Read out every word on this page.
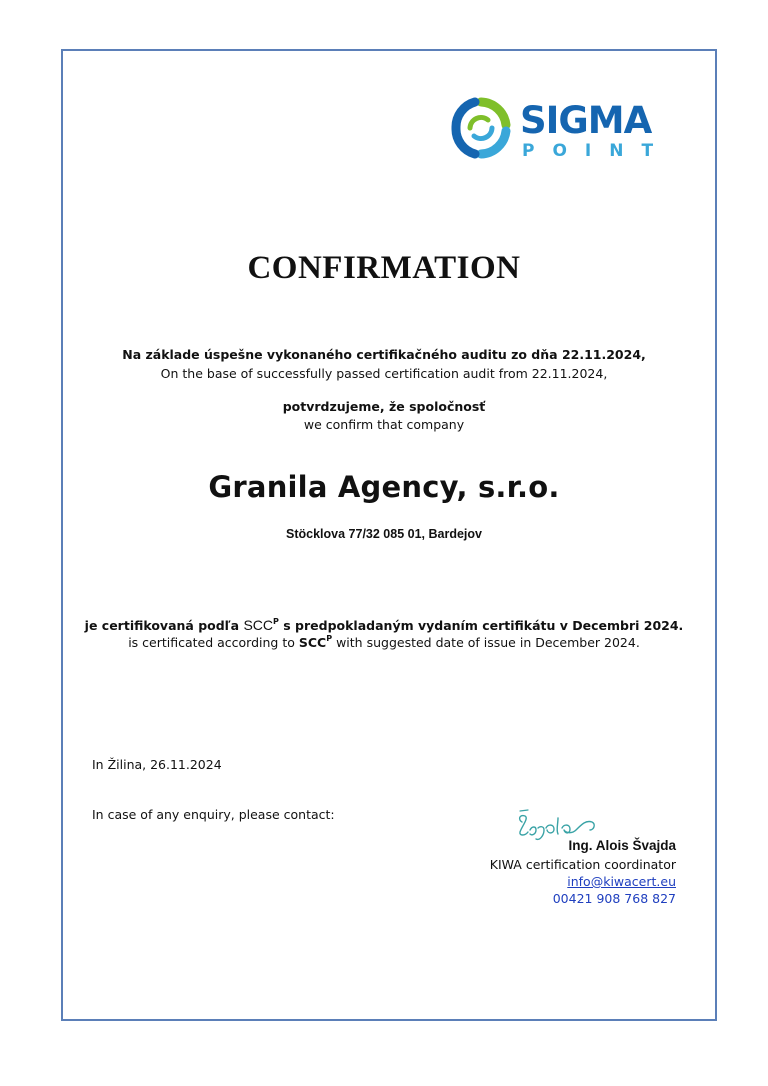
SIGMA
POINT
CONFIRMATION
Na základe úspešne vykonaného certifikačného auditu zo dňa 22.11.2024,
On the base of successfully passed certification audit from 22.11.2024,
potvrdzujeme, že spoločnosť
we confirm that company
Granila Agency, s.r.o.
Stöcklova 77/32 085 01, Bardejov
je certifikovaná podľa $SCC^P$ s predpokladaným vydaním certifikátu v Decembri 2024.
is certificated according to $SCC^P$ with suggested date of issue in December 2024.
In Žilina, 26.11.2024
In case of any enquiry, please contact:
Ing. Alois Švajda
KIWA certification coordinator
info@kiwacert.eu
00421 908 768 827
